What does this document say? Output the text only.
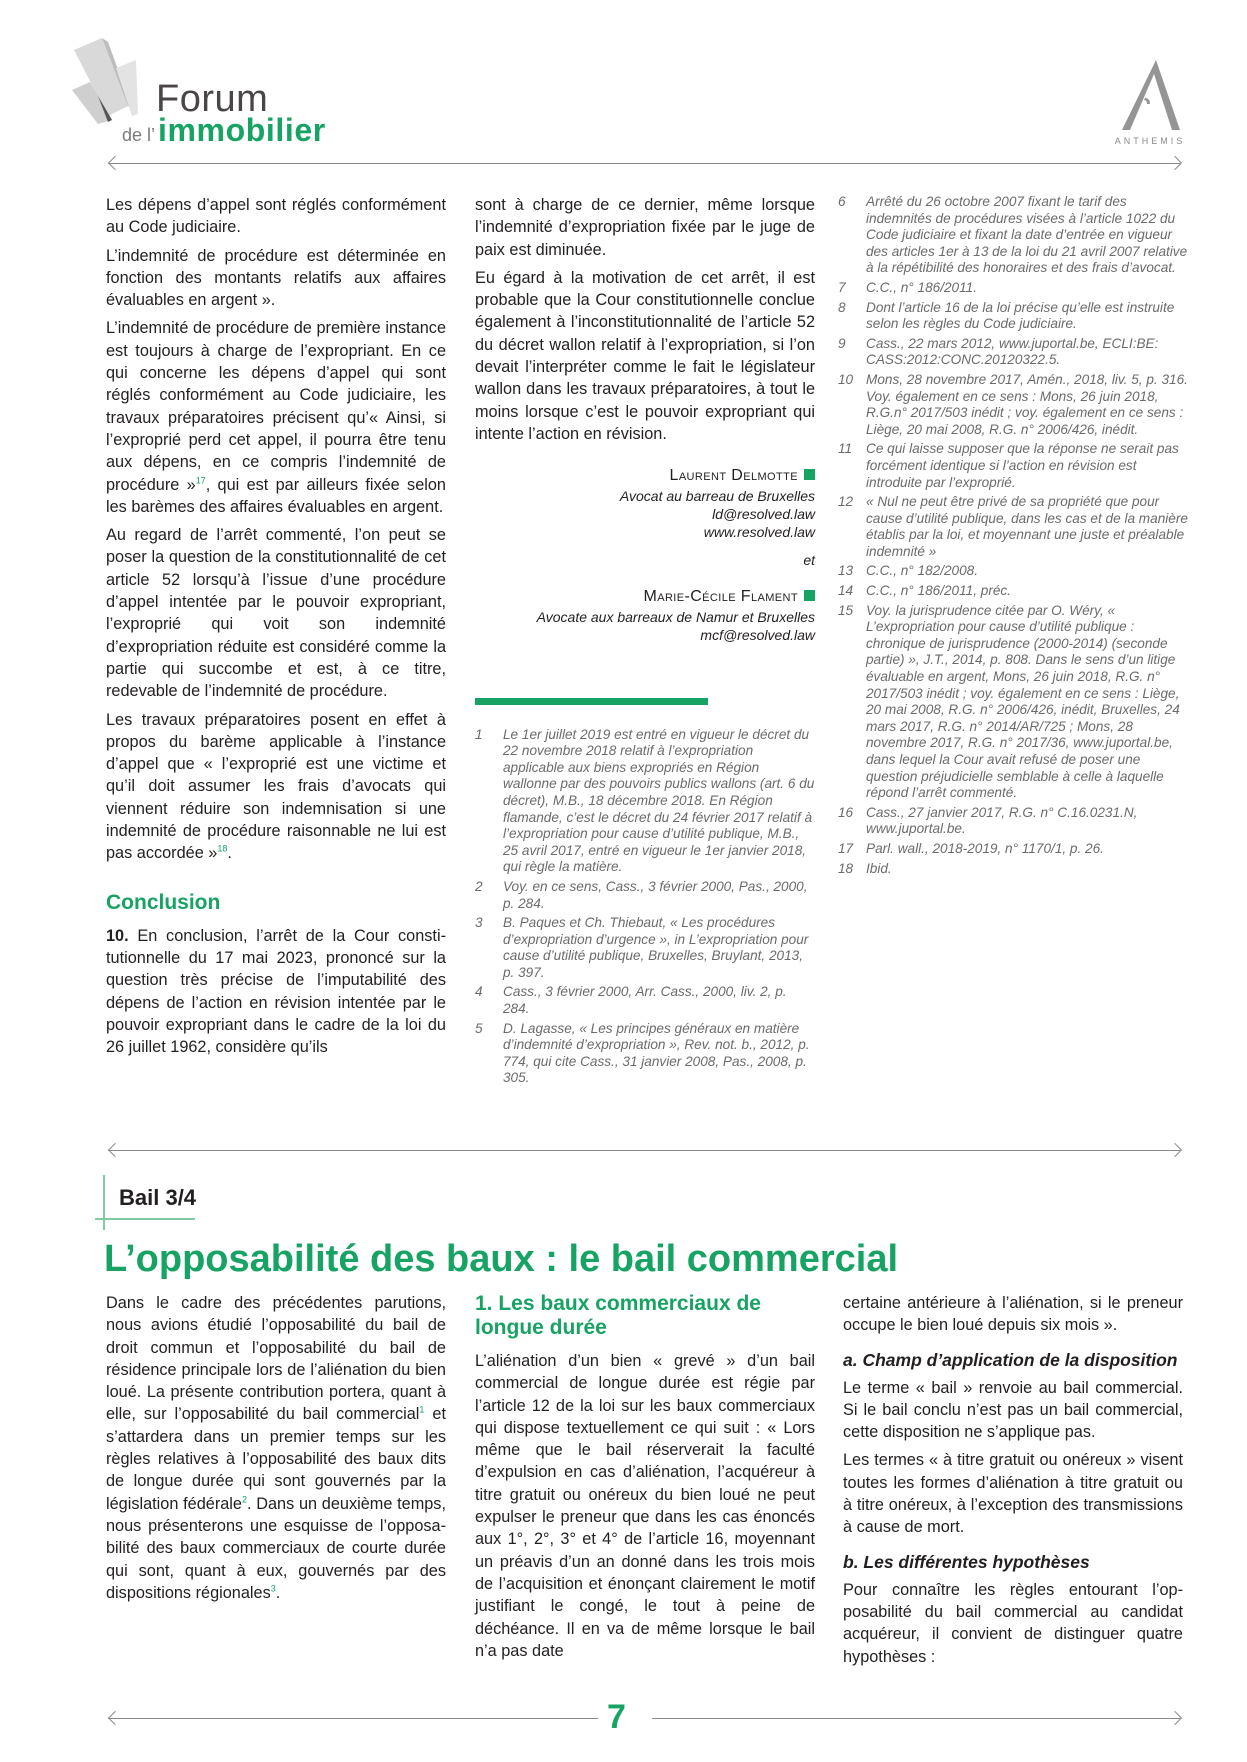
Forum
de l’ immobilier	ANTHEMIS

Les dépens d’appel sont réglés conformément au Code judiciaire.

L’indemnité de procédure est déterminée en fonction des montants relatifs aux affaires évaluables en argent ».

L’indemnité de procédure de première instance est toujours à charge de l’expropriant. En ce qui concerne les dépens d’appel qui sont réglés conformément au Code judiciaire, les travaux préparatoires précisent qu’« Ainsi, si l’exproprié perd cet appel, il pourra être tenu aux dépens, en ce compris l’indemnité de procédure »$^{17}$, qui est par ailleurs fixée selon les barèmes des affaires évaluables en argent.

Au regard de l’arrêt commenté, l’on peut se poser la question de la constitutionnalité de cet article 52 lorsqu’à l’issue d’une procédure d’appel intentée par le pouvoir expropriant, l’exproprié qui voit son indemnité d’expropriation réduite est considéré comme la partie qui succombe et est, à ce titre, redevable de l’indemnité de procédure.

Les travaux préparatoires posent en effet à propos du barème applicable à l’instance d’appel que « l’exproprié est une victime et qu’il doit assumer les frais d’avocats qui viennent réduire son indemnisation si une indemnité de procédure raisonnable ne lui est pas accordée »$^{18}$.

Conclusion

10. En conclusion, l’arrêt de la Cour constitutionnelle du 17 mai 2023, prononcé sur la question très précise de l’imputabilité des dépens de l’action en révision intentée par le pouvoir expropriant dans le cadre de la loi du 26 juillet 1962, considère qu’ils

sont à charge de ce dernier, même lorsque l’indemnité d’expropriation fixée par le juge de paix est diminuée.

Eu égard à la motivation de cet arrêt, il est probable que la Cour constitutionnelle conclue également à l’inconstitutionnalité de l’article 52 du décret wallon relatif à l’expropriation, si l’on devait l’interpréter comme le fait le législateur wallon dans les travaux préparatoires, à tout le moins lorsque c’est le pouvoir expropriant qui intente l’action en révision.

Laurent Delmotte
Avocat au barreau de Bruxelles
ld@resolved.law
www.resolved.law
et
Marie-Cécile Flament
Avocate aux barreaux de Namur et Bruxelles
mcf@resolved.law
1	Le 1er juillet 2019 est entré en vigueur le décret du 22 novembre 2018 relatif à l’expropriation applicable aux biens expropriés en Région wallonne par des pouvoirs publics wallons (art. 6 du décret), M.B., 18 décembre 2018. En Région flamande, c’est le décret du 24 février 2017 relatif à l’expropriation pour cause d’utilité publique, M.B., 25 avril 2017, entré en vigueur le 1er janvier 2018, qui règle la matière.
2	Voy. en ce sens, Cass., 3 février 2000, Pas., 2000, p. 284.
3	B. Paques et Ch. Thiebaut, « Les procédures d’expropriation d’urgence », in L’expropriation pour cause d’utilité publique, Bruxelles, Bruylant, 2013, p. 397.
4	Cass., 3 février 2000, Arr. Cass., 2000, liv. 2, p. 284.
5	D. Lagasse, « Les principes généraux en matière d’indemnité d’expropriation », Rev. not. b., 2012, p. 774, qui cite Cass., 31 janvier 2008, Pas., 2008, p. 305.
6	Arrêté du 26 octobre 2007 fixant le tarif des indemnités de procédures visées à l’article 1022 du Code judiciaire et fixant la date d’entrée en vigueur des articles 1er à 13 de la loi du 21 avril 2007 relative à la répétibilité des honoraires et des frais d’avocat.
7	C.C., n° 186/2011.
8	Dont l’article 16 de la loi précise qu’elle est instruite selon les règles du Code judiciaire.
9	Cass., 22 mars 2012, www.juportal.be, ECLI:BE: CASS:2012:CONC.20120322.5.
10 Mons, 28 novembre 2017, Amén., 2018, liv. 5, p. 316. Voy. également en ce sens : Mons, 26 juin 2018, R.G.n° 2017/503 inédit ; voy. également en ce sens : Liège, 20 mai 2008, R.G. n° 2006/426, inédit.
11	Ce qui laisse supposer que la réponse ne serait pas forcément identique si l’action en révision est introduite par l’exproprié.
12 « Nul ne peut être privé de sa propriété que pour cause d’utilité publique, dans les cas et de la manière établis par la loi, et moyennant une juste et préalable indemnité »
13 C.C., n° 182/2008.
14 C.C., n° 186/2011, préc.
15 Voy. la jurisprudence citée par O. Wéry, « L’expropriation pour cause d’utilité publique : chronique de jurisprudence (2000-2014) (seconde partie) », J.T., 2014, p. 808. Dans le sens d’un litige évaluable en argent, Mons, 26 juin 2018, R.G. n° 2017/503 inédit ; voy. également en ce sens : Liège, 20 mai 2008, R.G. n° 2006/426, inédit, Bruxelles, 24 mars 2017, R.G. n° 2014/AR/725 ; Mons, 28 novembre 2017, R.G. n° 2017/36, www.juportal.be, dans lequel la Cour avait refusé de poser une question préjudicielle semblable à celle à laquelle répond l’arrêt commenté.
16 Cass., 27 janvier 2017, R.G. n° C.16.0231.N, www.juportal.be.
17 Parl. wall., 2018-2019, n° 1170/1, p. 26.
18 Ibid.
Bail 3/4
L’opposabilité des baux : le bail commercial

Dans le cadre des précédentes parutions, nous avions étudié l’opposabilité du bail de droit commun et l’opposabilité du bail de résidence principale lors de l’aliénation du bien loué. La présente contribution portera, quant à elle, sur l’opposabilité du bail commercial$^1$ et s’attardera dans un premier temps sur les règles relatives à l’opposabilité des baux dits de longue durée qui sont gouvernés par la législation fédérale$^2$. Dans un deuxième temps, nous présenterons une esquisse de l’opposabilité des baux commerciaux de courte durée qui sont, quant à eux, gouvernés par des dispositions régionales$^3$.

1. Les baux commerciaux de longue durée

L’aliénation d’un bien « grevé » d’un bail commercial de longue durée est régie par l’article 12 de la loi sur les baux commerciaux qui dispose textuellement ce qui suit : « Lors même que le bail réserverait la faculté d’expulsion en cas d’aliénation, l’acquéreur à titre gratuit ou onéreux du bien loué ne peut expulser le preneur que dans les cas énoncés aux 1°, 2°, 3° et 4° de l’article 16, moyennant un préavis d’un an donné dans les trois mois de l’acquisition et énonçant clairement le motif justifiant le congé, le tout à peine de déchéance. Il en va de même lorsque le bail n’a pas date

certaine antérieure à l’aliénation, si le preneur occupe le bien loué depuis six mois ».

a. Champ d’application de la disposition

Le terme « bail » renvoie au bail commercial. Si le bail conclu n’est pas un bail commercial, cette disposition ne s’applique pas.

Les termes « à titre gratuit ou onéreux » visent toutes les formes d’aliénation à titre gratuit ou à titre onéreux, à l’exception des transmissions à cause de mort.

b. Les différentes hypothèses

Pour connaître les règles entourant l’opposabilité du bail commercial au candidat acquéreur, il convient de distinguer quatre hypothèses :

7
